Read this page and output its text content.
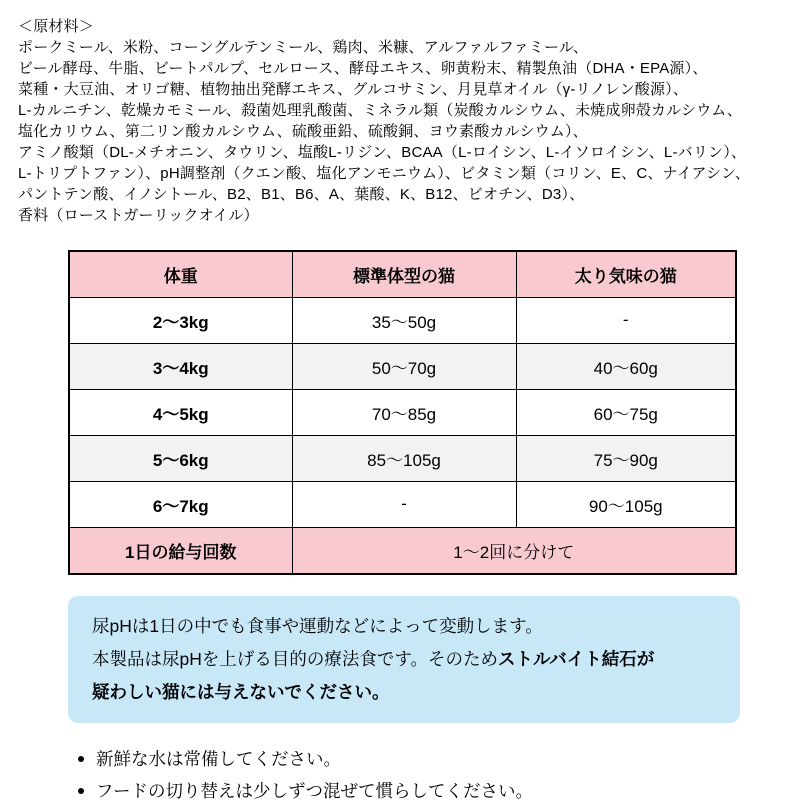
＜原材料＞
ポークミール、米粉、コーングルテンミール、鶏肉、米糠、アルファルファミール、
ビール酵母、牛脂、ビートパルプ、セルロース、酵母エキス、卵黄粉末、精製魚油（DHA・EPA源）、
菜種・大豆油、オリゴ糖、植物抽出発酵エキス、グルコサミン、月見草オイル（γ-リノレン酸源）、
L-カルニチン、乾燥カモミール、殺菌処理乳酸菌、ミネラル類（炭酸カルシウム、未焼成卵殻カルシウム、
塩化カリウム、第二リン酸カルシウム、硫酸亜鉛、硫酸銅、ヨウ素酸カルシウム）、
アミノ酸類（DL-メチオニン、タウリン、塩酸L-リジン、BCAA（L-ロイシン、L-イソロイシン、L-バリン）、
L-トリプトファン）、pH調整剤（クエン酸、塩化アンモニウム）、ビタミン類（コリン、E、C、ナイアシン、
パントテン酸、イノシトール、B2、B1、B6、A、葉酸、K、B12、ビオチン、D3）、
香料（ローストガーリックオイル）
体重	標準体型の猫	太り気味の猫
2～3kg	35～50g	-
3～4kg	50～70g	40～60g
4～5kg	70～85g	60～75g
5～6kg	85～105g	75～90g
6～7kg	-	90～105g
1日の給与回数	1～2回に分けて	
尿pHは1日の中でも食事や運動などによって変動します。
本製品は尿pHを上げる目的の療法食です。そのためストルバイト結石が
疑わしい猫には与えないでください。
新鮮な水は常備してください。
フードの切り替えは少しずつ混ぜて慣らしてください。
